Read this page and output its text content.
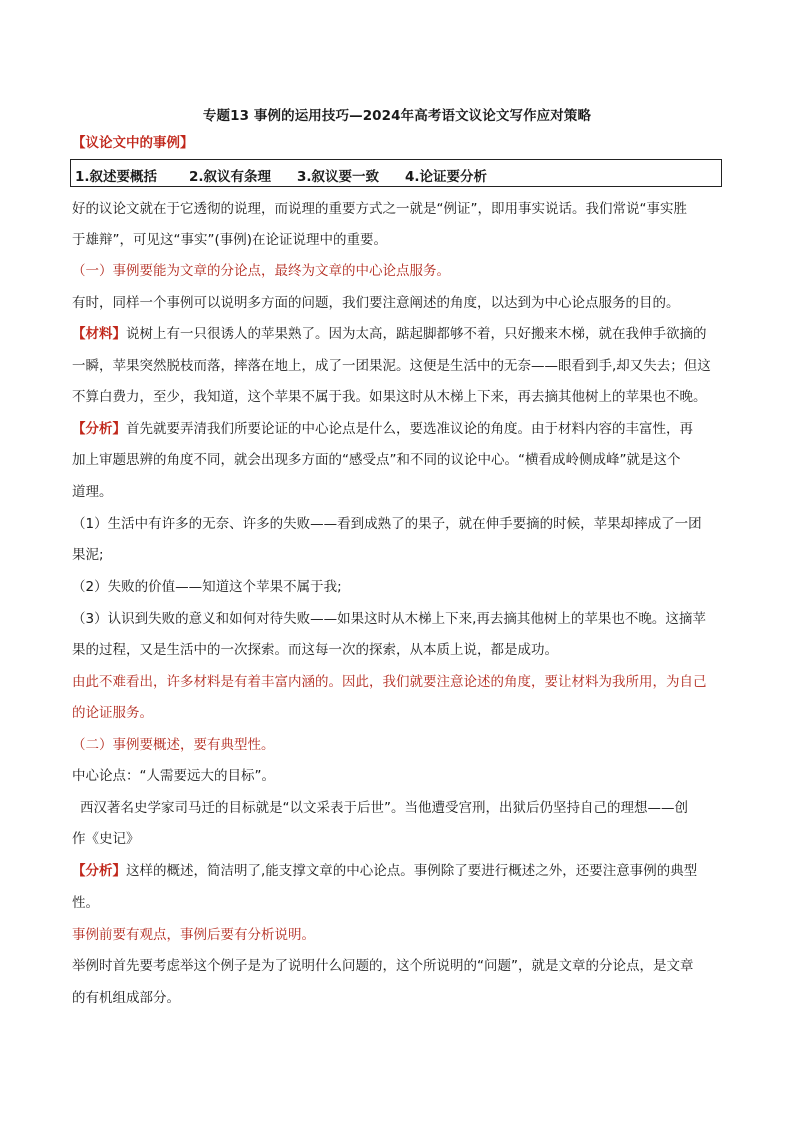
专题13 事例的运用技巧—2024年高考语文议论文写作应对策略
【议论文中的事例】
1.叙述要概括 2.叙议有条理 3.叙议要一致 4.论证要分析
好的议论文就在于它透彻的说理，而说理的重要方式之一就是“例证”，即用事实说话。我们常说“事实胜
于雄辩”，可见这“事实”(事例)在论证说理中的重要。
（一）事例要能为文章的分论点，最终为文章的中心论点服务。
有时，同样一个事例可以说明多方面的问题，我们要注意阐述的角度，以达到为中心论点服务的目的。
【材料】说树上有一只很诱人的苹果熟了。因为太高，踮起脚都够不着，只好搬来木梯，就在我伸手欲摘的
一瞬，苹果突然脱枝而落，摔落在地上，成了一团果泥。这便是生活中的无奈——眼看到手,却又失去；但这
不算白费力，至少，我知道，这个苹果不属于我。如果这时从木梯上下来，再去摘其他树上的苹果也不晚。
【分析】首先就要弄清我们所要论证的中心论点是什么，要选准议论的角度。由于材料内容的丰富性，再
加上审题思辨的角度不同，就会出现多方面的“感受点”和不同的议论中心。“横看成岭侧成峰”就是这个
道理。
（1）生活中有许多的无奈、许多的失败——看到成熟了的果子，就在伸手要摘的时候，苹果却摔成了一团
果泥;
（2）失败的价值——知道这个苹果不属于我;
（3）认识到失败的意义和如何对待失败——如果这时从木梯上下来,再去摘其他树上的苹果也不晚。这摘苹
果的过程，又是生活中的一次探索。而这每一次的探索，从本质上说，都是成功。
由此不难看出，许多材料是有着丰富内涵的。因此，我们就要注意论述的角度，要让材料为我所用，为自己
的论证服务。
（二）事例要概述，要有典型性。
中心论点：“人需要远大的目标”。
西汉著名史学家司马迁的目标就是“以文采表于后世”。当他遭受宫刑，出狱后仍坚持自己的理想——创
作《史记》
【分析】这样的概述，简洁明了,能支撑文章的中心论点。事例除了要进行概述之外，还要注意事例的典型
性。
事例前要有观点，事例后要有分析说明。
举例时首先要考虑举这个例子是为了说明什么问题的，这个所说明的“问题”，就是文章的分论点，是文章
的有机组成部分。
